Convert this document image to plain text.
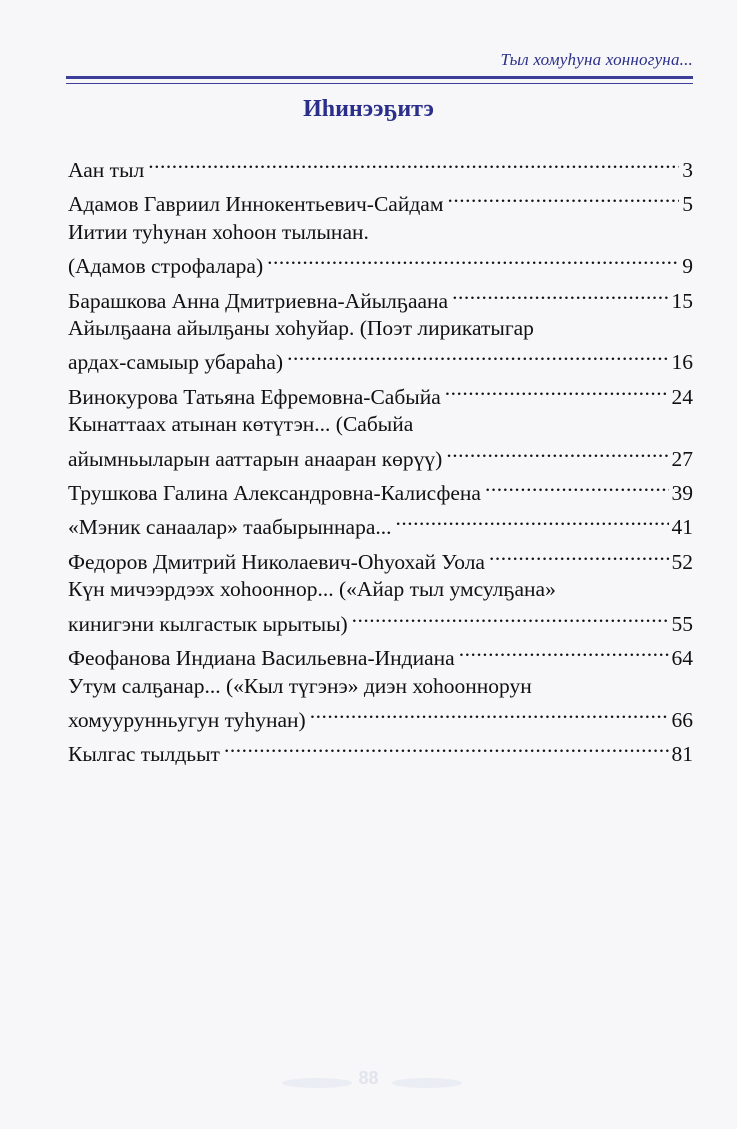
Тыл хомуһуна хонногуна...
Иһинээҕитэ
Аан тыл .....	3
Адамов Гавриил Иннокентьевич-Сайдам .....	5
Иитии туһунан хоһоон тылынан.
(Адамов строфалара) .....	9
Барашкова Анна Дмитриевна-Айылҕаана .....	15
Айылҕаана айылҕаны хоһуйар. (Поэт лирикатыгар
ардах-самыыр убараһа) .....	16
Винокурова Татьяна Ефремовна-Сабыйа .....	24
Кынаттаах атынан көтүтэн... (Сабыйа
айымньыларын ааттарын анааран көрүү) .....	27
Трушкова Галина Александровна-Калисфена .....	39
«Мэник санаалар» таабырыннара... .....	41
Федоров Дмитрий Николаевич-Оһуохай Уола .....	52
Күн мичээрдээх хоһооннор... («Айар тыл умсулҕана»
кинигэни кылгастык ырытыы) .....	55
Феофанова Индиана Васильевна-Индиана .....	64
Утум салҕанар... («Кыл түгэнэ» диэн хоһооннорун
хомуурунньугун туһунан) .....	66
Кылгас тылдьыт .....	81
88
